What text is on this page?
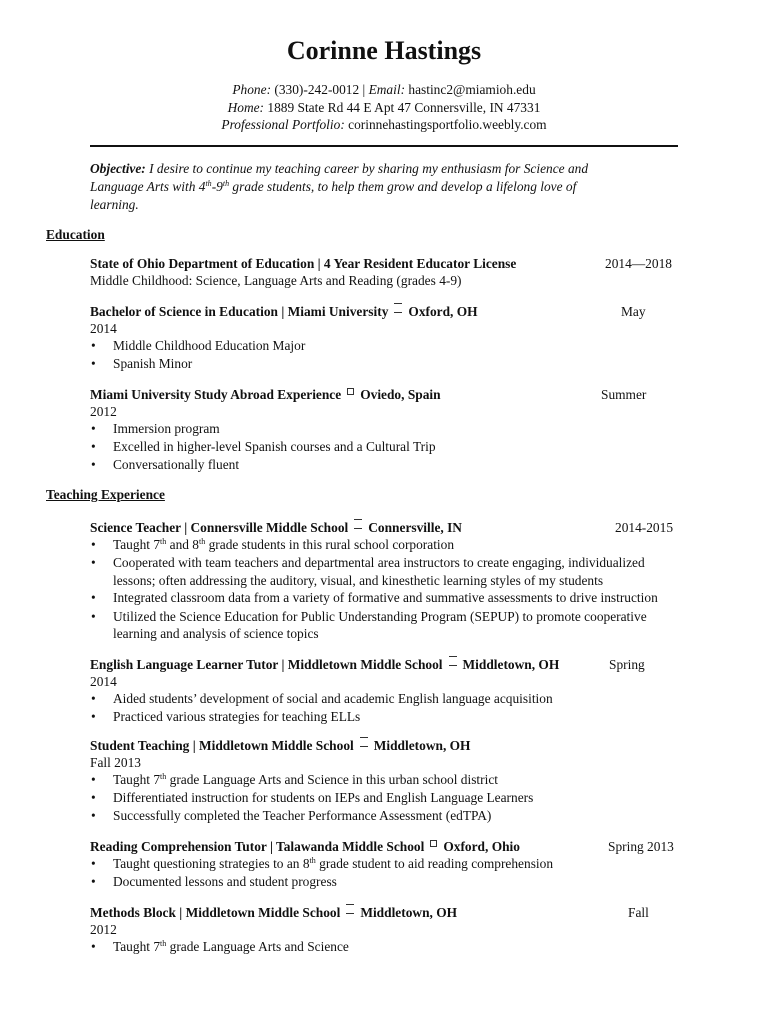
Corinne Hastings
Phone: (330)-242-0012 | Email: hastinc2@miamioh.edu
Home: 1889 State Rd 44 E Apt 47 Connersville, IN 47331
Professional Portfolio: corinnehastingsportfolio.weebly.com
Objective: I desire to continue my teaching career by sharing my enthusiasm for Science and
Language Arts with 4th-9th grade students, to help them grow and develop a lifelong love of
learning.
Education
State of Ohio Department of Education | 4 Year Resident Educator License	2014—2018
Middle Childhood: Science, Language Arts and Reading (grades 4-9)
Bachelor of Science in Education | Miami University Oxford, OH	May
2014
• Middle Childhood Education Major
• Spanish Minor
Miami University Study Abroad Experience Oviedo, Spain	Summer
2012
• Immersion program
• Excelled in higher-level Spanish courses and a Cultural Trip
• Conversationally fluent
Teaching Experience
Science Teacher | Connersville Middle School Connersville, IN	2014-2015
• Taught 7th and 8th grade students in this rural school corporation
• Cooperated with team teachers and departmental area instructors to create engaging, individualized
lessons; often addressing the auditory, visual, and kinesthetic learning styles of my students
• Integrated classroom data from a variety of formative and summative assessments to drive instruction
• Utilized the Science Education for Public Understanding Program (SEPUP) to promote cooperative
learning and analysis of science topics
English Language Learner Tutor | Middletown Middle School Middletown, OH	Spring
2014
• Aided students’ development of social and academic English language acquisition
• Practiced various strategies for teaching ELLs
Student Teaching | Middletown Middle School Middletown, OH
Fall 2013
• Taught 7th grade Language Arts and Science in this urban school district
• Differentiated instruction for students on IEPs and English Language Learners
• Successfully completed the Teacher Performance Assessment (edTPA)
Reading Comprehension Tutor | Talawanda Middle School Oxford, Ohio	Spring 2013
• Taught questioning strategies to an 8th grade student to aid reading comprehension
• Documented lessons and student progress
Methods Block | Middletown Middle School Middletown, OH	Fall
2012
• Taught 7th grade Language Arts and Science
